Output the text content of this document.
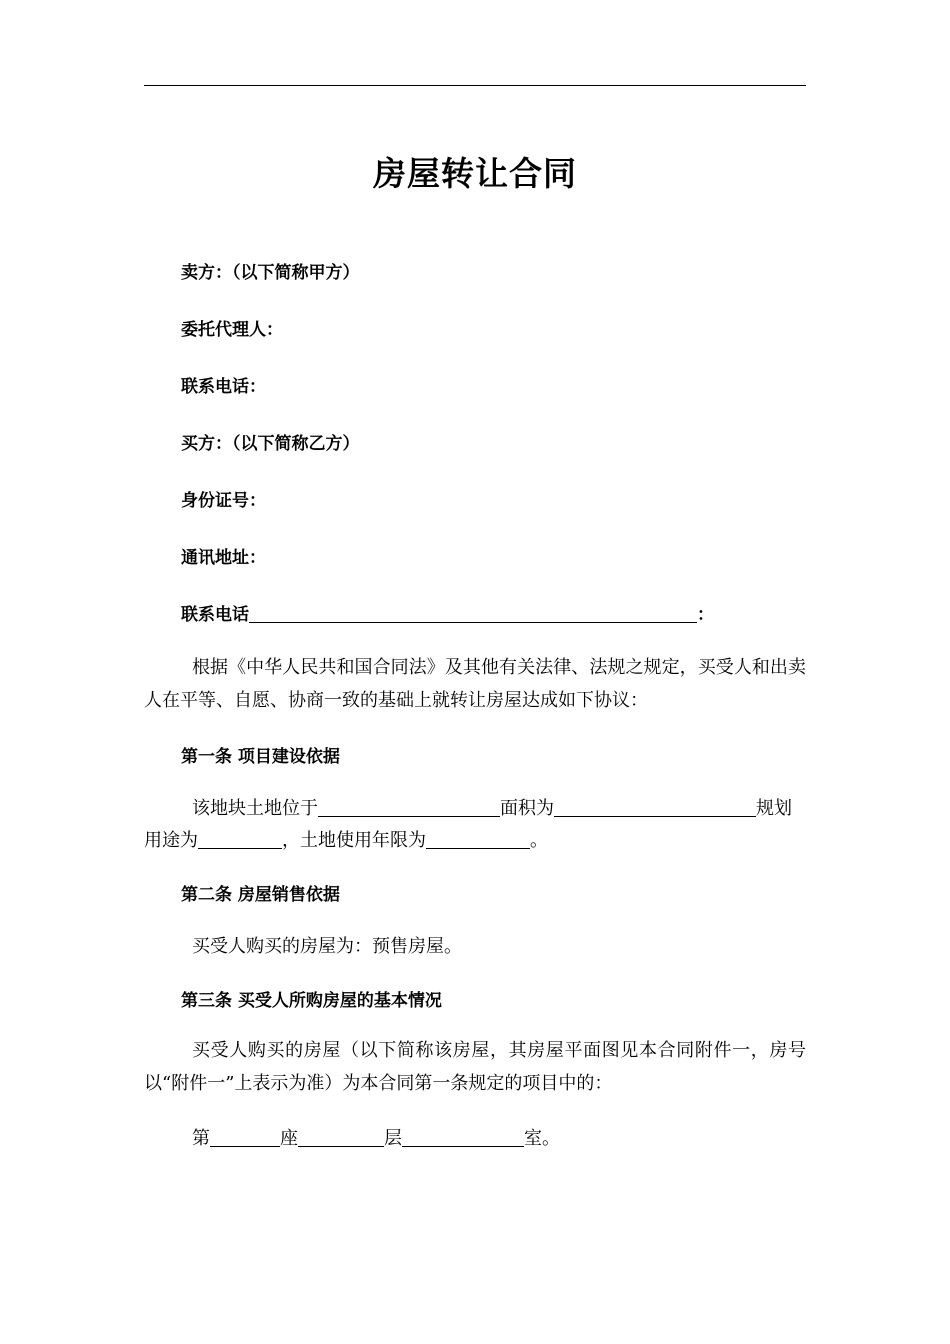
房屋转让合同
卖方：（以下简称甲方）
委托代理人：
联系电话：
买方：（以下简称乙方）
身份证号：
通讯地址：
联系电话	：
根据《中华人民共和国合同法》及其他有关法律、法规之规定，买受人和出卖人在平等、自愿、协商一致的基础上就转让房屋达成如下协议：
第一条 项目建设依据
该地块土地位于	面积为	规划
用途为	，土地使用年限为	。
第二条 房屋销售依据
买受人购买的房屋为：预售房屋。
第三条 买受人所购房屋的基本情况
买受人购买的房屋（以下简称该房屋，其房屋平面图见本合同附件一，房号以“附件一”上表示为准）为本合同第一条规定的项目中的：
第	座	层	室。
